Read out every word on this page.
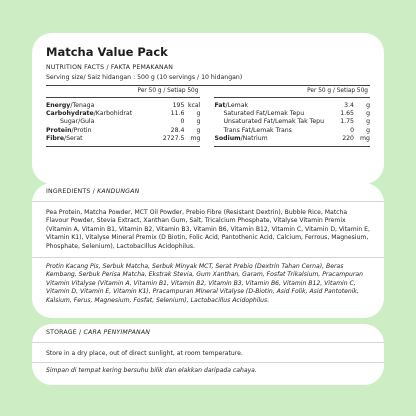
Matcha Value Pack
NUTRITION FACTS / FAKTA PEMAKANAN
Serving size/ Saiz hidangan : 500 g (10 servings / 10 hidangan)
Per 50 g / Setiap 50g
Energy/Tenaga	195 kcal
Carbohydrate/Karbohidrat	11.6	g
Sugar/Gula	0	g
Protein/Protin	28.4	g
Fibre/Serat	2727.5 mg
Per 50 g / Setiap 50g
Fat/Lemak	3.4	g
Saturated Fat/Lemak Tepu	1.65	g
Unsaturated Fat/Lemak Tak Tepu	1.75	g
Trans Fat/Lemak Trans	0	g
Sodium/Natrium	220 mg
INGREDIENTS / KANDUNGAN
Pea Protein, Matcha Powder, MCT Oil Powder, Prebio Fibre (Resistant Dextrin), Bubble Rice, Matcha Flavour Powder, Stevia Extract, Xanthan Gum, Salt, Tricalcium Phosphate, Vitalyse Vitamin Premix (Vitamin A, Vitamin B1, Vitamin B2, Vitamin B3, Vitamin B6, Vitamin B12, Vitamin C, Vitamin D, Vitamin E, Vitamin K1), Vitalyse Mineral Premix (D Biotin, Folic Acid, Pantothenic Acid, Calcium, Ferrous, Magnesium, Phosphate, Selenium), Lactobacillus Acidophilus.
Protin Kacang Pis, Serbuk Matcha, Serbuk Minyak MCT, Serat Prebio (Dextrin Tahan Cerna), Beras Kembang, Serbuk Perisa Matcha, Ekstrak Stevia, Gum Xanthan, Garam, Fosfat Trikalsium, Pracampuran Vitamin Vitalyse (Vitamin A, Vitamin B1, Vitamin B2, Vitamin B3, Vitamin B6, Vitamin B12, Vitamin C, Vitamin D, Vitamin E, Vitamin K1), Pracampuran Mineral Vitalyse (D-Biotin, Asid Folik, Asid Pantotenik, Kalsium, Ferus, Magnesium, Fosfat, Selenium), Lactobacillus Acidophilus.
STORAGE / CARA PENYIMPANAN
Store in a dry place, out of direct sunlight, at room temperature.
Simpan di tempat kering bersuhu bilik dan elakkan daripada cahaya.
